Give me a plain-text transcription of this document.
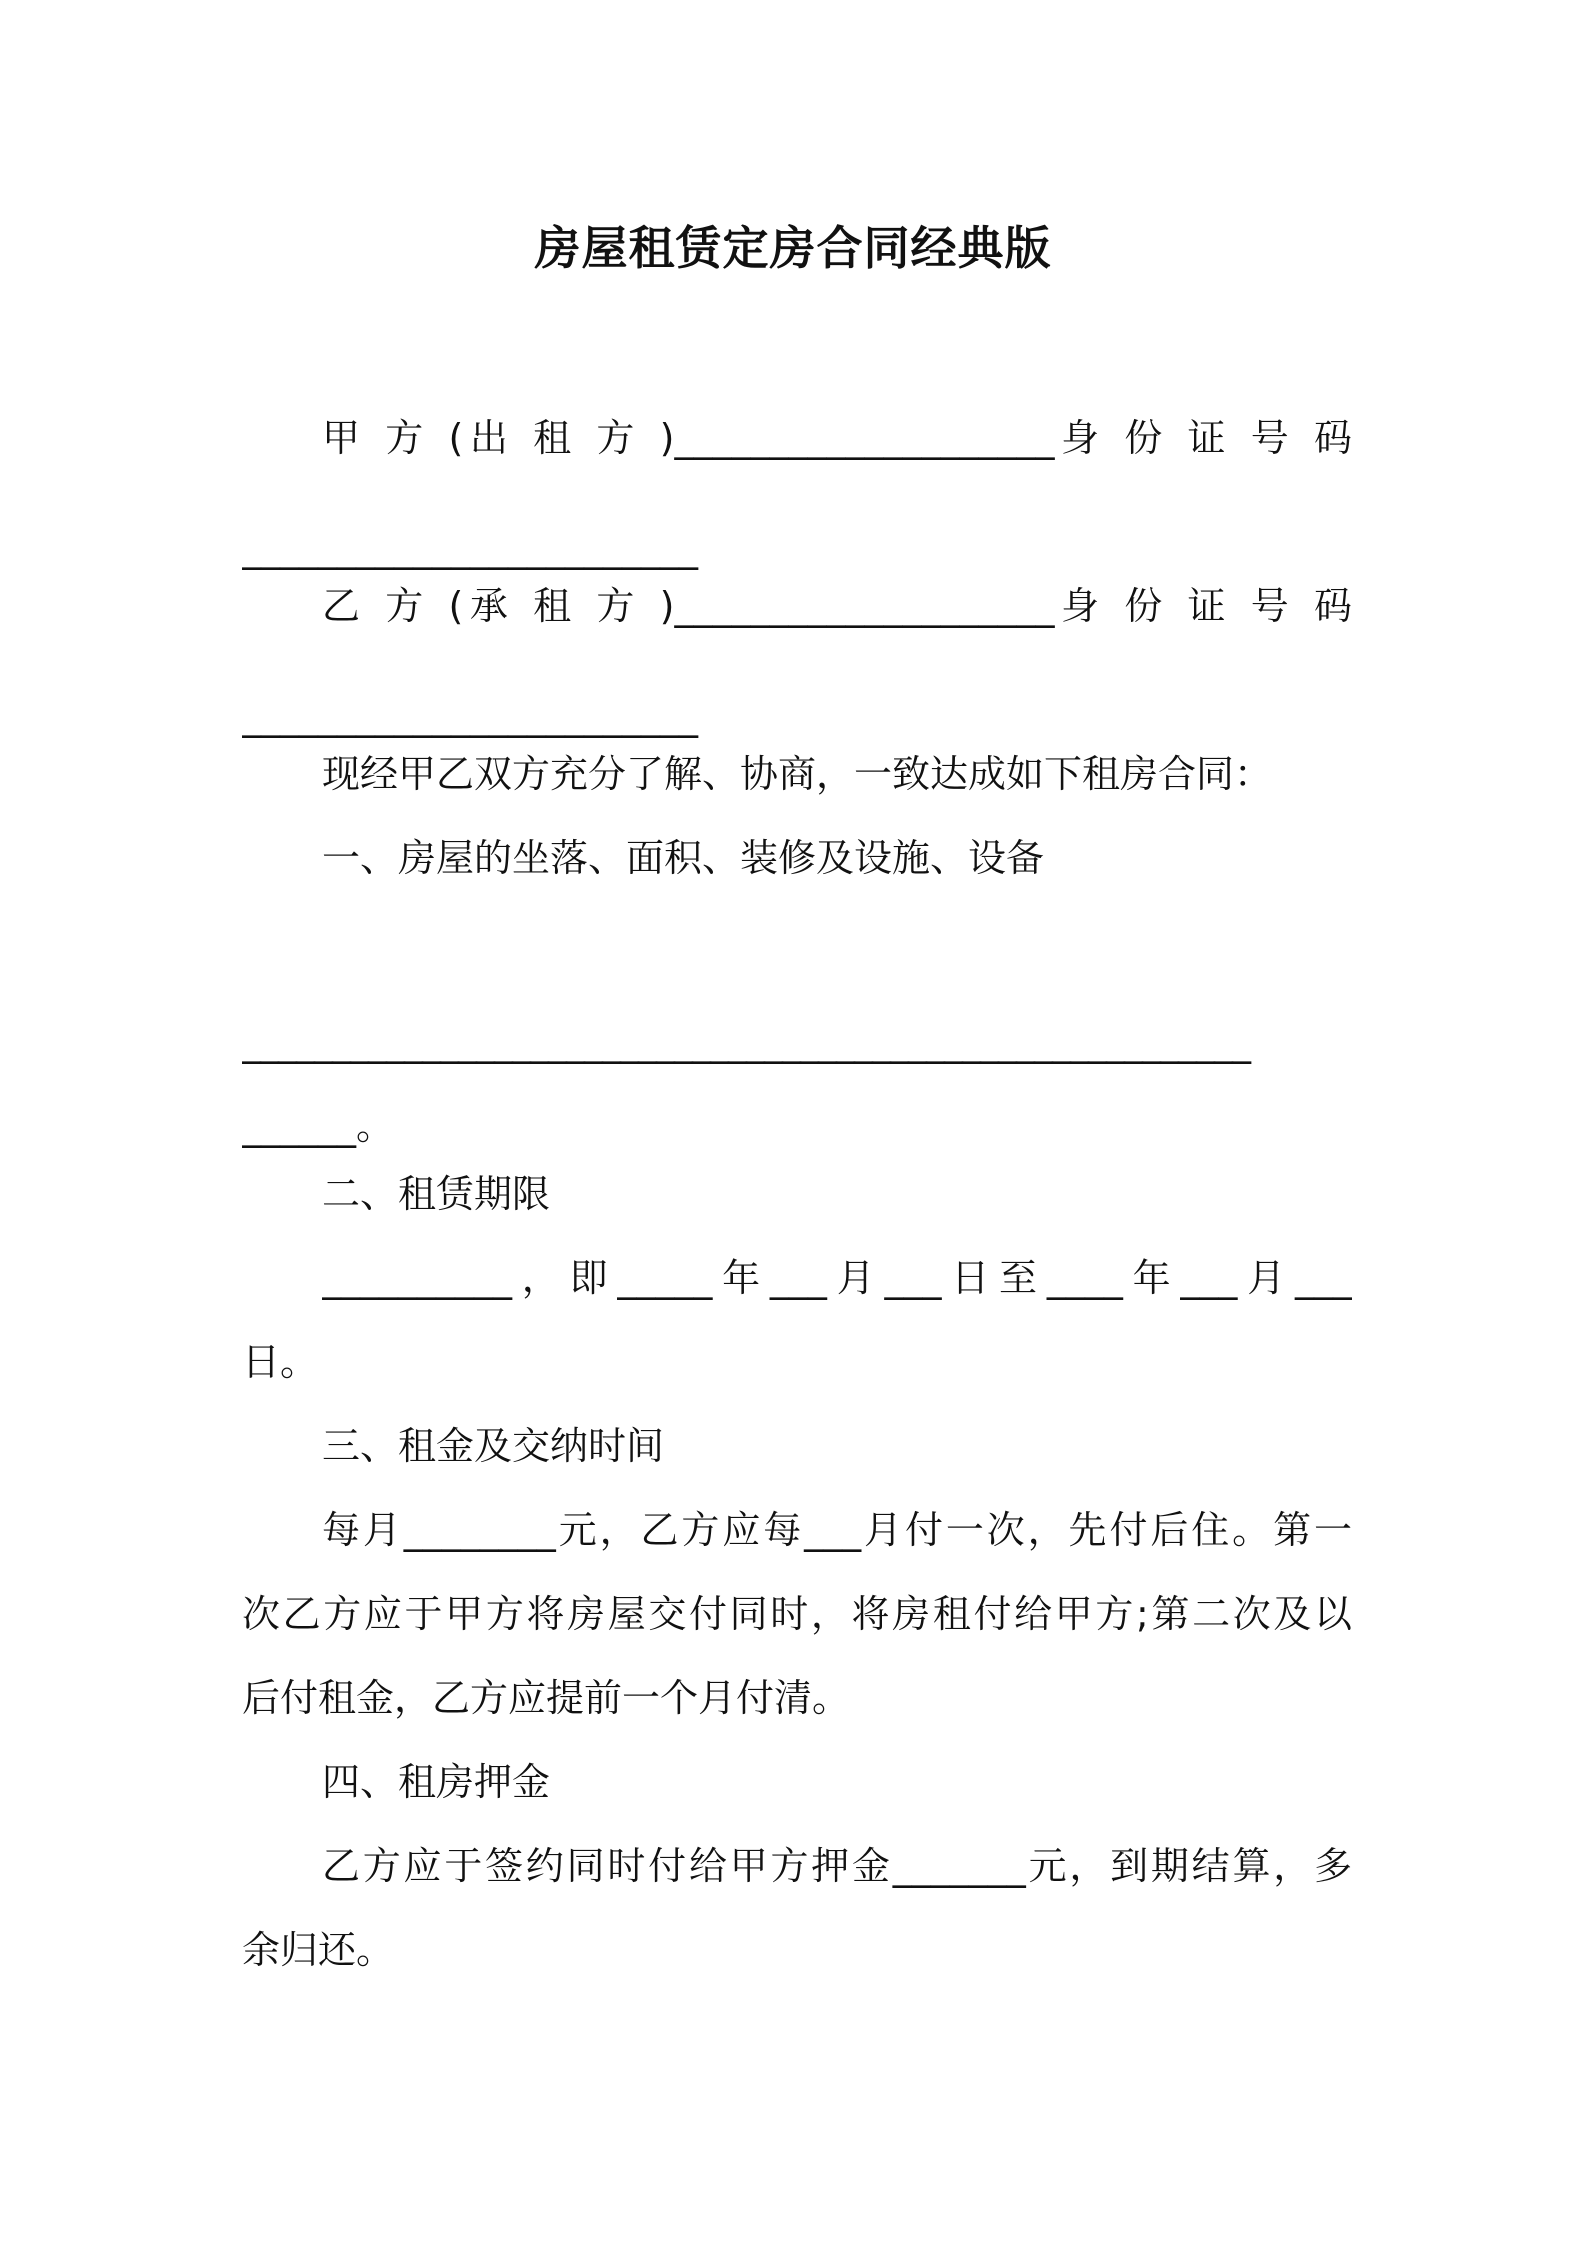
房屋租赁定房合同经典版
甲 方 (出 租 方 )____________________身 份 证 号 码
________________________
乙 方 (承 租 方 )____________________身 份 证 号 码
________________________
现经甲乙双方充分了解、协商，一致达成如下租房合同：
一、房屋的坐落、面积、装修及设施、设备
________________________________________________________
______。
二、租赁期限
__________，即_____年___月___日至____年___月___
日。
三、租金及交纳时间
每月________元，乙方应每___月付一次，先付后住。第一
次乙方应于甲方将房屋交付同时，将房租付给甲方;第二次及以
后付租金，乙方应提前一个月付清。
四、租房押金
乙方应于签约同时付给甲方押金_______元，到期结算，多
余归还。
